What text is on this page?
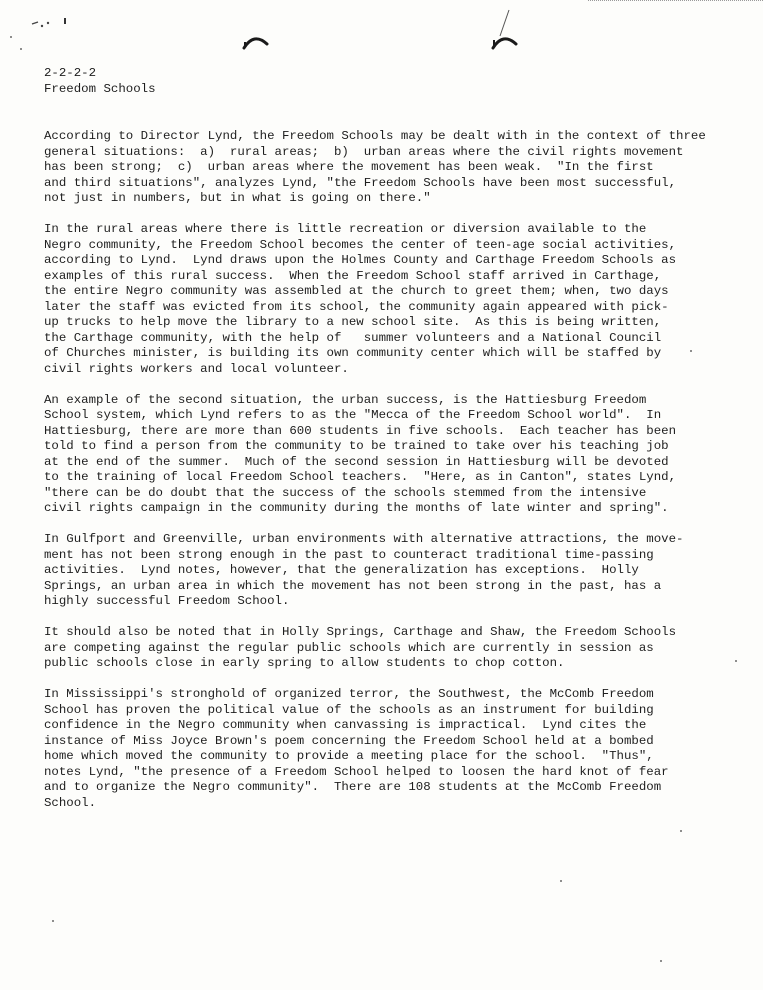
2-2-2-2
Freedom Schools
According to Director Lynd, the Freedom Schools may be dealt with in the context of three
general situations:  a)  rural areas;  b)  urban areas where the civil rights movement
has been strong;  c)  urban areas where the movement has been weak.  "In the first
and third situations", analyzes Lynd, "the Freedom Schools have been most successful,
not just in numbers, but in what is going on there."
In the rural areas where there is little recreation or diversion available to the
Negro community, the Freedom School becomes the center of teen-age social activities,
according to Lynd.  Lynd draws upon the Holmes County and Carthage Freedom Schools as
examples of this rural success.  When the Freedom School staff arrived in Carthage,
the entire Negro community was assembled at the church to greet them; when, two days
later the staff was evicted from its school, the community again appeared with pick-
up trucks to help move the library to a new school site.  As this is being written,
the Carthage community, with the help of   summer volunteers and a National Council
of Churches minister, is building its own community center which will be staffed by
civil rights workers and local volunteer.
An example of the second situation, the urban success, is the Hattiesburg Freedom
School system, which Lynd refers to as the "Mecca of the Freedom School world".  In
Hattiesburg, there are more than 600 students in five schools.  Each teacher has been
told to find a person from the community to be trained to take over his teaching job
at the end of the summer.  Much of the second session in Hattiesburg will be devoted
to the training of local Freedom School teachers.  "Here, as in Canton", states Lynd,
"there can be do doubt that the success of the schools stemmed from the intensive
civil rights campaign in the community during the months of late winter and spring".
In Gulfport and Greenville, urban environments with alternative attractions, the move-
ment has not been strong enough in the past to counteract traditional time-passing
activities.  Lynd notes, however, that the generalization has exceptions.  Holly
Springs, an urban area in which the movement has not been strong in the past, has a
highly successful Freedom School.
It should also be noted that in Holly Springs, Carthage and Shaw, the Freedom Schools
are competing against the regular public schools which are currently in session as
public schools close in early spring to allow students to chop cotton.
In Mississippi's stronghold of organized terror, the Southwest, the McComb Freedom
School has proven the political value of the schools as an instrument for building
confidence in the Negro community when canvassing is impractical.  Lynd cites the
instance of Miss Joyce Brown's poem concerning the Freedom School held at a bombed
home which moved the community to provide a meeting place for the school.  "Thus",
notes Lynd, "the presence of a Freedom School helped to loosen the hard knot of fear
and to organize the Negro community".  There are 108 students at the McComb Freedom
School.
